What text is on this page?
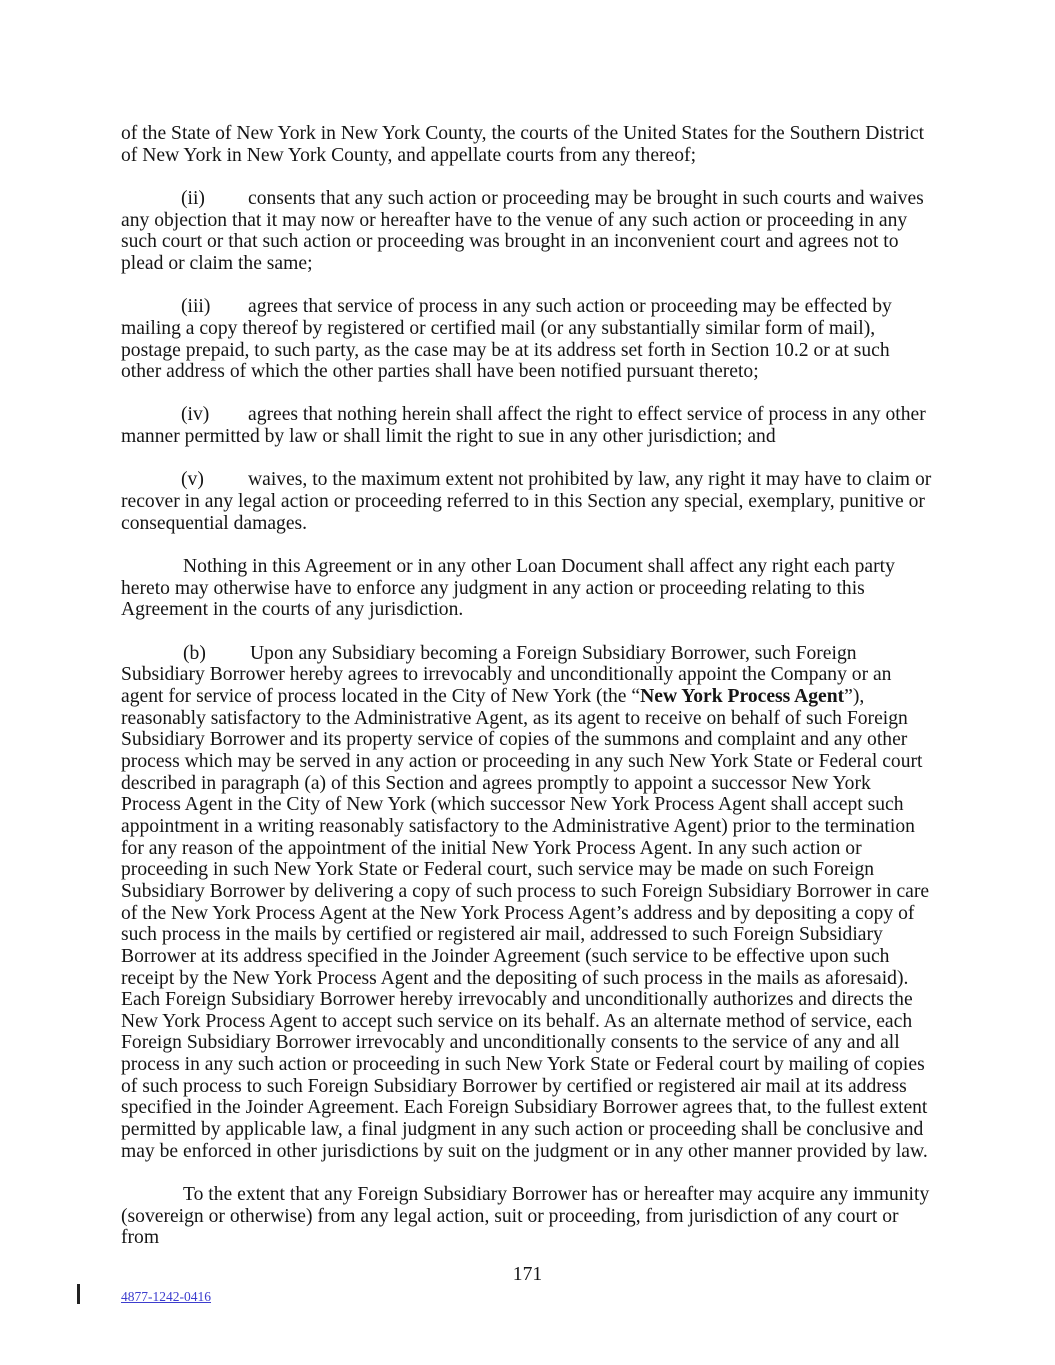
of the State of New York in New York County, the courts of the United States for the Southern District of New York in New York County, and appellate courts from any thereof;

(ii) consents that any such action or proceeding may be brought in such courts and waives any objection that it may now or hereafter have to the venue of any such action or proceeding in any such court or that such action or proceeding was brought in an inconvenient court and agrees not to plead or claim the same;

(iii) agrees that service of process in any such action or proceeding may be effected by mailing a copy thereof by registered or certified mail (or any substantially similar form of mail), postage prepaid, to such party, as the case may be at its address set forth in Section 10.2 or at such other address of which the other parties shall have been notified pursuant thereto;

(iv) agrees that nothing herein shall affect the right to effect service of process in any other manner permitted by law or shall limit the right to sue in any other jurisdiction; and

(v) waives, to the maximum extent not prohibited by law, any right it may have to claim or recover in any legal action or proceeding referred to in this Section any special, exemplary, punitive or consequential damages.

Nothing in this Agreement or in any other Loan Document shall affect any right each party hereto may otherwise have to enforce any judgment in any action or proceeding relating to this Agreement in the courts of any jurisdiction.

(b) Upon any Subsidiary becoming a Foreign Subsidiary Borrower, such Foreign Subsidiary Borrower hereby agrees to irrevocably and unconditionally appoint the Company or an agent for service of process located in the City of New York (the “New York Process Agent”), reasonably satisfactory to the Administrative Agent, as its agent to receive on behalf of such Foreign Subsidiary Borrower and its property service of copies of the summons and complaint and any other process which may be served in any action or proceeding in any such New York State or Federal court described in paragraph (a) of this Section and agrees promptly to appoint a successor New York Process Agent in the City of New York (which successor New York Process Agent shall accept such appointment in a writing reasonably satisfactory to the Administrative Agent) prior to the termination for any reason of the appointment of the initial New York Process Agent. In any such action or proceeding in such New York State or Federal court, such service may be made on such Foreign Subsidiary Borrower by delivering a copy of such process to such Foreign Subsidiary Borrower in care of the New York Process Agent at the New York Process Agent’s address and by depositing a copy of such process in the mails by certified or registered air mail, addressed to such Foreign Subsidiary Borrower at its address specified in the Joinder Agreement (such service to be effective upon such receipt by the New York Process Agent and the depositing of such process in the mails as aforesaid). Each Foreign Subsidiary Borrower hereby irrevocably and unconditionally authorizes and directs the New York Process Agent to accept such service on its behalf. As an alternate method of service, each Foreign Subsidiary Borrower irrevocably and unconditionally consents to the service of any and all process in any such action or proceeding in such New York State or Federal court by mailing of copies of such process to such Foreign Subsidiary Borrower by certified or registered air mail at its address specified in the Joinder Agreement. Each Foreign Subsidiary Borrower agrees that, to the fullest extent permitted by applicable law, a final judgment in any such action or proceeding shall be conclusive and may be enforced in other jurisdictions by suit on the judgment or in any other manner provided by law.

To the extent that any Foreign Subsidiary Borrower has or hereafter may acquire any immunity (sovereign or otherwise) from any legal action, suit or proceeding, from jurisdiction of any court or from

171
4877-1242-0416
